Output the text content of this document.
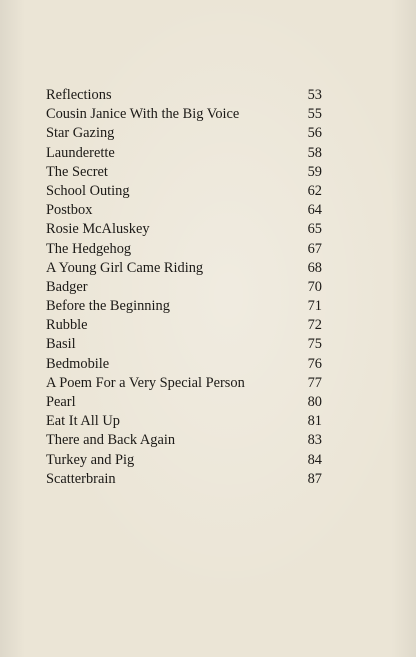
Reflections	53
Cousin Janice With the Big Voice	55
Star Gazing	56
Launderette	58
The Secret	59
School Outing	62
Postbox	64
Rosie McAluskey	65
The Hedgehog	67
A Young Girl Came Riding	68
Badger	70
Before the Beginning	71
Rubble	72
Basil	75
Bedmobile	76
A Poem For a Very Special Person	77
Pearl	80
Eat It All Up	81
There and Back Again	83
Turkey and Pig	84
Scatterbrain	87
